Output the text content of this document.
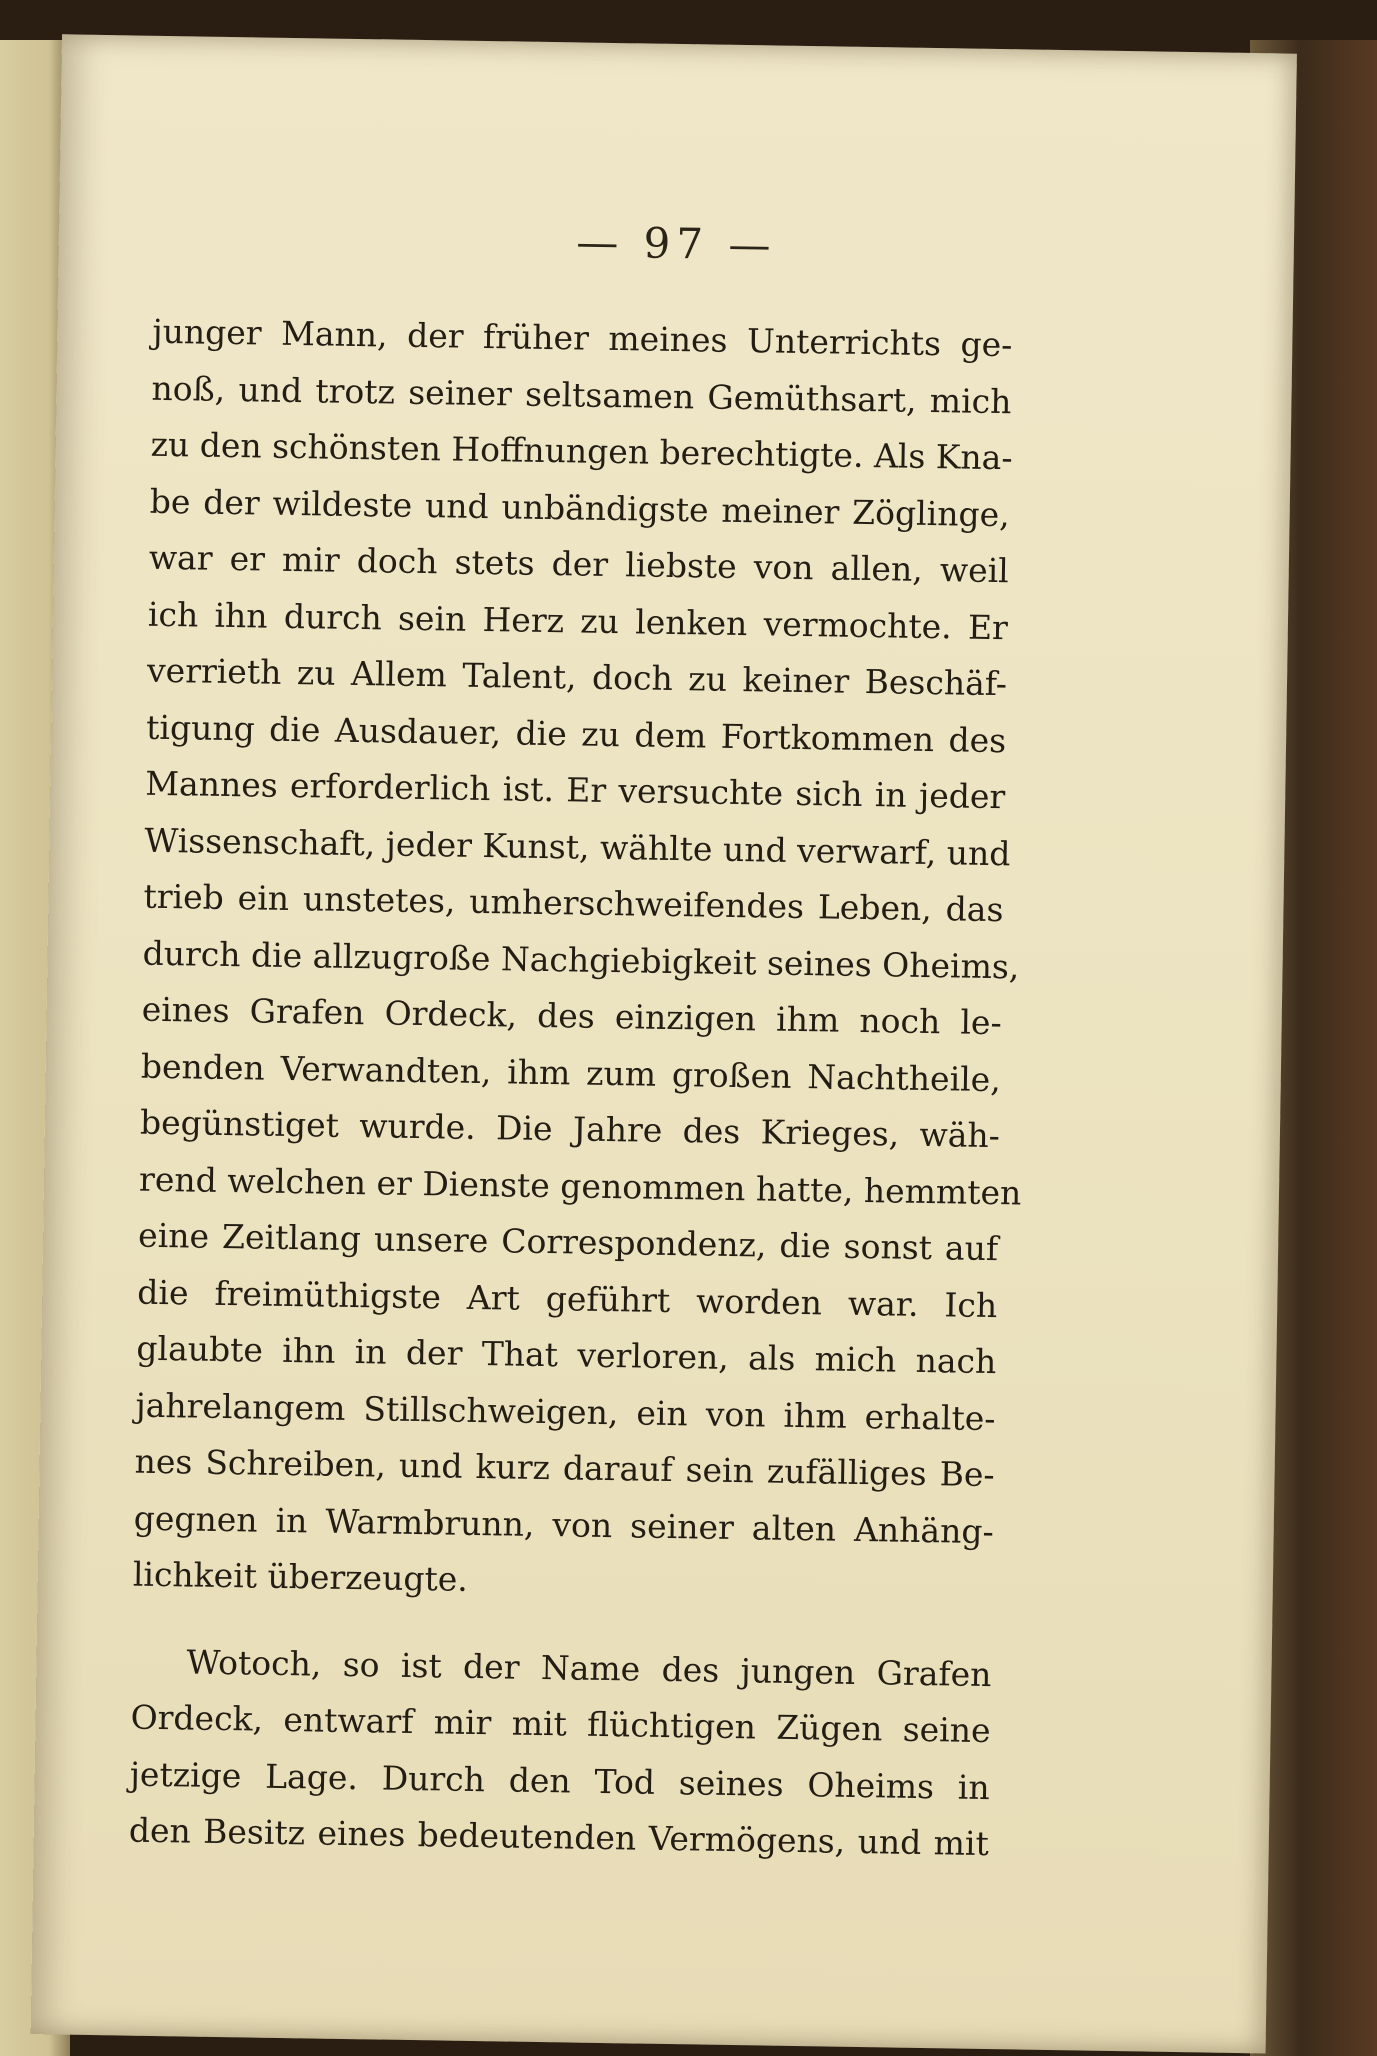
— 97 —
junger Mann, der früher meines Unterrichts ge-
noß, und trotz seiner seltsamen Gemüthsart, mich
zu den schönsten Hoffnungen berechtigte. Als Kna-
be der wildeste und unbändigste meiner Zöglinge,
war er mir doch stets der liebste von allen, weil
ich ihn durch sein Herz zu lenken vermochte. Er
verrieth zu Allem Talent, doch zu keiner Beschäf-
tigung die Ausdauer, die zu dem Fortkommen des
Mannes erforderlich ist. Er versuchte sich in jeder
Wissenschaft, jeder Kunst, wählte und verwarf, und
trieb ein unstetes, umherschweifendes Leben, das
durch die allzugroße Nachgiebigkeit seines Oheims,
eines Grafen Ordeck, des einzigen ihm noch le-
benden Verwandten, ihm zum großen Nachtheile,
begünstiget wurde. Die Jahre des Krieges, wäh-
rend welchen er Dienste genommen hatte, hemmten
eine Zeitlang unsere Correspondenz, die sonst auf
die freimüthigste Art geführt worden war. Ich
glaubte ihn in der That verloren, als mich nach
jahrelangem Stillschweigen, ein von ihm erhalte-
nes Schreiben, und kurz darauf sein zufälliges Be-
gegnen in Warmbrunn, von seiner alten Anhäng-
lichkeit überzeugte.
Wotoch, so ist der Name des jungen Grafen
Ordeck, entwarf mir mit flüchtigen Zügen seine
jetzige Lage. Durch den Tod seines Oheims in
den Besitz eines bedeutenden Vermögens, und mit
